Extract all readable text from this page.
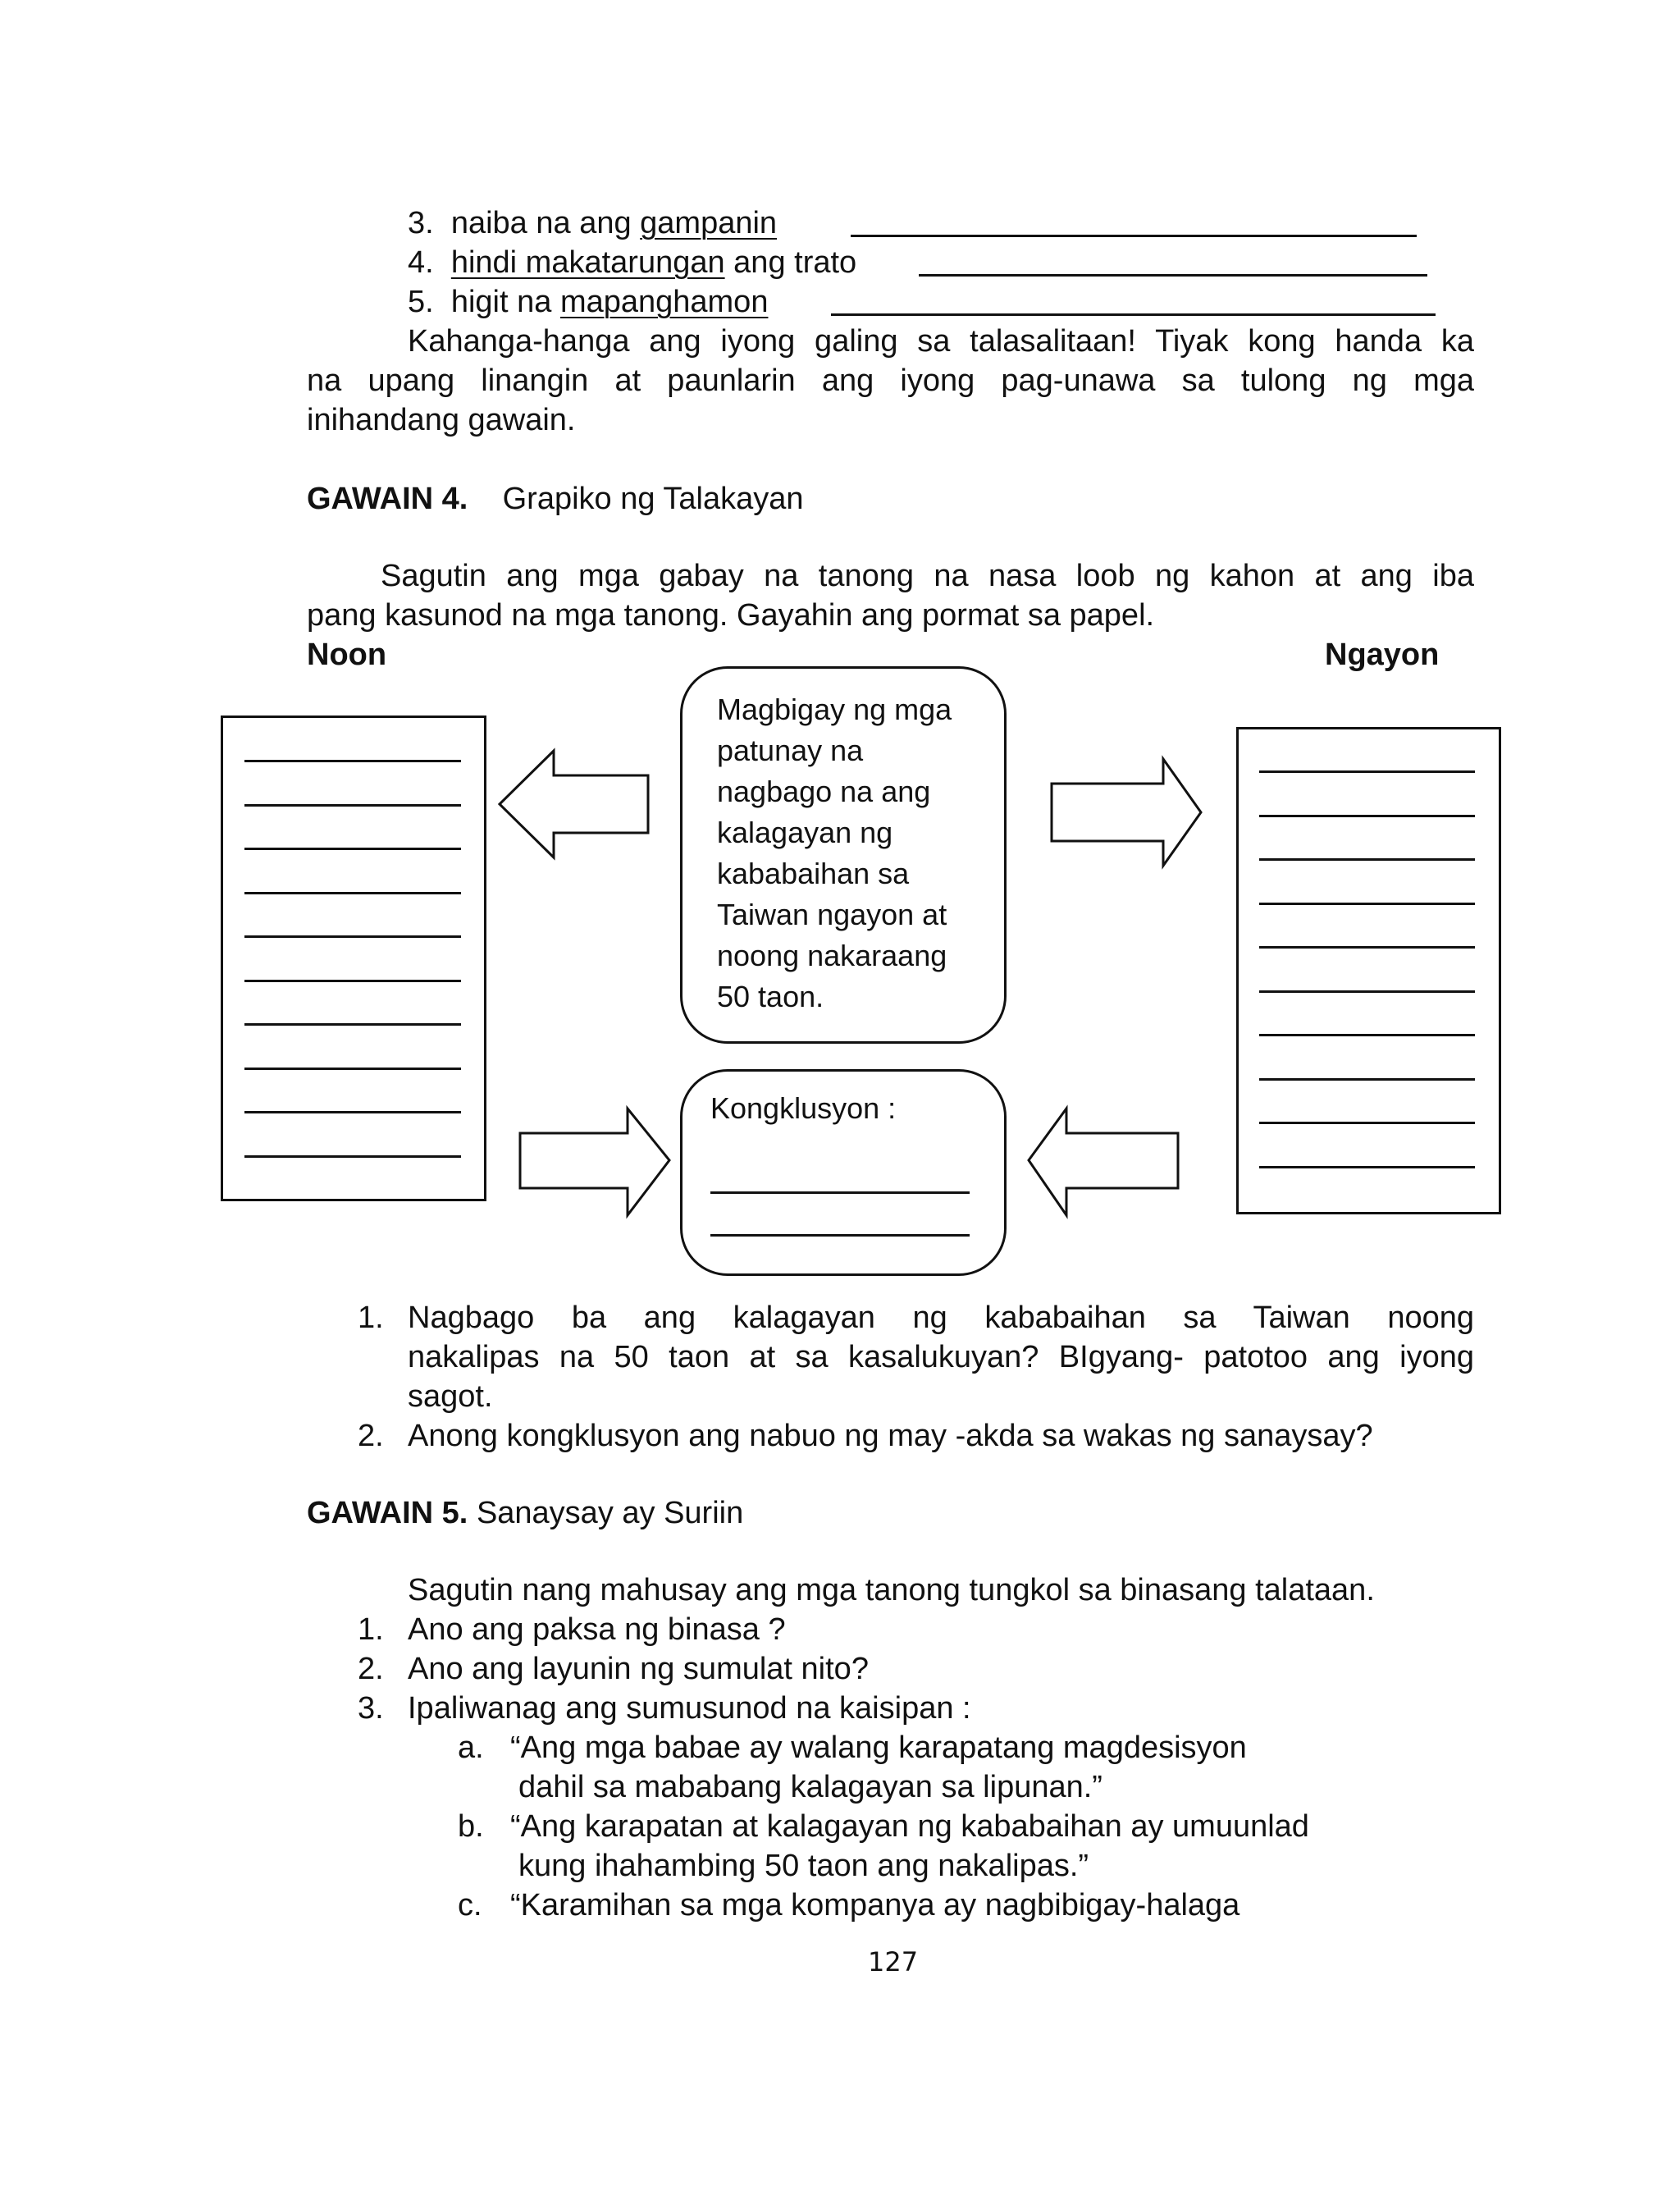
3. naiba na ang gampanin
4. hindi makatarungan ang trato
5. higit na mapanghamon
Kahanga-hanga ang iyong galing sa talasalitaan! Tiyak kong handa ka
na upang linangin at paunlarin ang iyong pag-unawa sa tulong ng mga
inihandang gawain.
GAWAIN 4. Grapiko ng Talakayan
Sagutin ang mga gabay na tanong na nasa loob ng kahon at ang iba
pang kasunod na mga tanong. Gayahin ang pormat sa papel.
Noon	Ngayon
Magbigay ng mga
patunay na
nagbago na ang
kalagayan ng
kababaihan sa
Taiwan ngayon at
noong nakaraang
50 taon.
Kongklusyon :
1. Nagbago ba ang kalagayan ng kababaihan sa Taiwan noong
nakalipas na 50 taon at sa kasalukuyan? BIgyang- patotoo ang iyong
sagot.
2. Anong kongklusyon ang nabuo ng may -akda sa wakas ng sanaysay?
GAWAIN 5. Sanaysay ay Suriin
Sagutin nang mahusay ang mga tanong tungkol sa binasang talataan.
1. Ano ang paksa ng binasa ?
2. Ano ang layunin ng sumulat nito?
3. Ipaliwanag ang sumusunod na kaisipan :
a. “Ang mga babae ay walang karapatang magdesisyon
dahil sa mababang kalagayan sa lipunan.”
b. “Ang karapatan at kalagayan ng kababaihan ay umuunlad
kung ihahambing 50 taon ang nakalipas.”
c. “Karamihan sa mga kompanya ay nagbibigay-halaga
127
